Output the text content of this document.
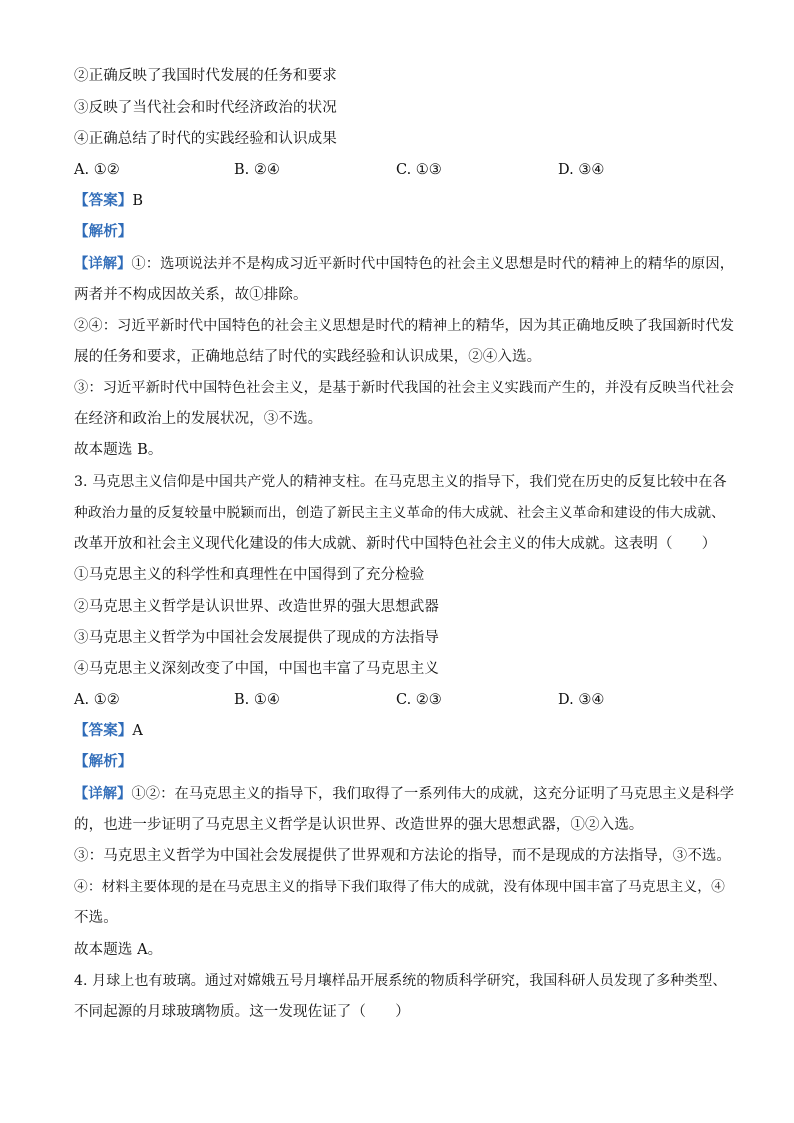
②正确反映了我国时代发展的任务和要求
③反映了当代社会和时代经济政治的状况
④正确总结了时代的实践经验和认识成果
A. ①②	B. ②④	C. ①③	D. ③④
【答案】B
【解析】
【详解】①：选项说法并不是构成习近平新时代中国特色的社会主义思想是时代的精神上的精华的原因，
两者并不构成因故关系，故①排除。
②④：习近平新时代中国特色的社会主义思想是时代的精神上的精华，因为其正确地反映了我国新时代发
展的任务和要求，正确地总结了时代的实践经验和认识成果，②④入选。
③：习近平新时代中国特色社会主义，是基于新时代我国的社会主义实践而产生的，并没有反映当代社会
在经济和政治上的发展状况，③不选。
故本题选 B。
3. 马克思主义信仰是中国共产党人的精神支柱。在马克思主义的指导下，我们党在历史的反复比较中在各
种政治力量的反复较量中脱颖而出，创造了新民主主义革命的伟大成就、社会主义革命和建设的伟大成就、
改革开放和社会主义现代化建设的伟大成就、新时代中国特色社会主义的伟大成就。这表明（　　）
①马克思主义的科学性和真理性在中国得到了充分检验
②马克思主义哲学是认识世界、改造世界的强大思想武器
③马克思主义哲学为中国社会发展提供了现成的方法指导
④马克思主义深刻改变了中国，中国也丰富了马克思主义
A. ①②	B. ①④	C. ②③	D. ③④
【答案】A
【解析】
【详解】①②：在马克思主义的指导下，我们取得了一系列伟大的成就，这充分证明了马克思主义是科学
的，也进一步证明了马克思主义哲学是认识世界、改造世界的强大思想武器，①②入选。
③：马克思主义哲学为中国社会发展提供了世界观和方法论的指导，而不是现成的方法指导，③不选。
④：材料主要体现的是在马克思主义的指导下我们取得了伟大的成就，没有体现中国丰富了马克思主义，④
不选。
故本题选 A。
4. 月球上也有玻璃。通过对嫦娥五号月壤样品开展系统的物质科学研究，我国科研人员发现了多种类型、
不同起源的月球玻璃物质。这一发现佐证了（　　）
